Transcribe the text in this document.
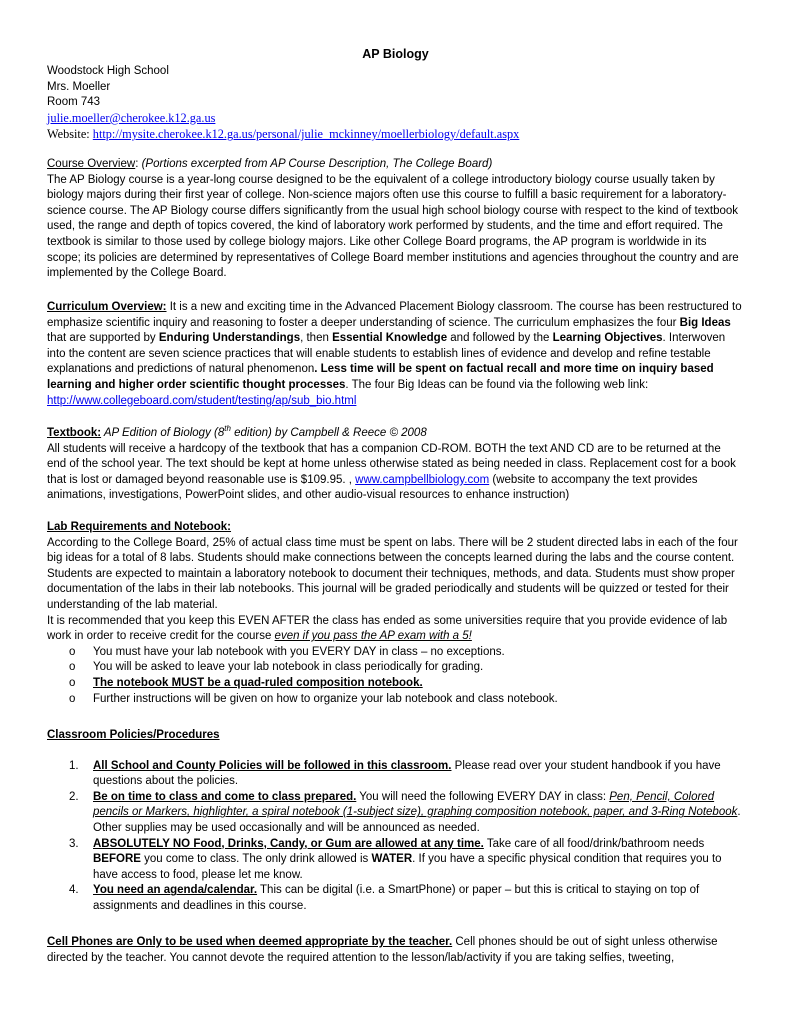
AP Biology
Woodstock High School
Mrs. Moeller
Room 743
julie.moeller@cherokee.k12.ga.us
Website: http://mysite.cherokee.k12.ga.us/personal/julie_mckinney/moellerbiology/default.aspx

Course Overview: (Portions excerpted from AP Course Description, The College Board)

The AP Biology course is a year-long course designed to be the equivalent of a college introductory biology course usually taken by biology majors during their first year of college. Non-science majors often use this course to fulfill a basic requirement for a laboratory-science course. The AP Biology course differs significantly from the usual high school biology course with respect to the kind of textbook used, the range and depth of topics covered, the kind of laboratory work performed by students, and the time and effort required. The textbook is similar to those used by college biology majors. Like other College Board programs, the AP program is worldwide in its scope; its policies are determined by representatives of College Board member institutions and agencies throughout the country and are implemented by the College Board.

Curriculum Overview: It is a new and exciting time in the Advanced Placement Biology classroom. The course has been restructured to emphasize scientific inquiry and reasoning to foster a deeper understanding of science. The curriculum emphasizes the four Big Ideas that are supported by Enduring Understandings, then Essential Knowledge and followed by the Learning Objectives. Interwoven into the content are seven science practices that will enable students to establish lines of evidence and develop and refine testable explanations and predictions of natural phenomenon. Less time will be spent on factual recall and more time on inquiry based learning and higher order scientific thought processes. The four Big Ideas can be found via the following web link:

http://www.collegeboard.com/student/testing/ap/sub_bio.html

Textbook: AP Edition of Biology (8th edition) by Campbell & Reece © 2008

All students will receive a hardcopy of the textbook that has a companion CD-ROM. BOTH the text AND CD are to be returned at the end of the school year. The text should be kept at home unless otherwise stated as being needed in class. Replacement cost for a book that is lost or damaged beyond reasonable use is $109.95. , www.campbellbiology.com (website to accompany the text provides animations, investigations, PowerPoint slides, and other audio-visual resources to enhance instruction)

Lab Requirements and Notebook:

According to the College Board, 25% of actual class time must be spent on labs. There will be 2 student directed labs in each of the four big ideas for a total of 8 labs. Students should make connections between the concepts learned during the labs and the course content. Students are expected to maintain a laboratory notebook to document their techniques, methods, and data. Students must show proper documentation of the labs in their lab notebooks. This journal will be graded periodically and students will be quizzed or tested for their understanding of the lab material.

It is recommended that you keep this EVEN AFTER the class has ended as some universities require that you provide evidence of lab work in order to receive credit for the course even if you pass the AP exam with a 5!

o You must have your lab notebook with you EVERY DAY in class – no exceptions.
o You will be asked to leave your lab notebook in class periodically for grading.
o The notebook MUST be a quad-ruled composition notebook.
o Further instructions will be given on how to organize your lab notebook and class notebook.

Classroom Policies/Procedures

1. All School and County Policies will be followed in this classroom. Please read over your student handbook if you have questions about the policies.
2. Be on time to class and come to class prepared. You will need the following EVERY DAY in class: Pen, Pencil, Colored pencils or Markers, highlighter, a spiral notebook (1-subject size), graphing composition notebook, paper, and 3-Ring Notebook. Other supplies may be used occasionally and will be announced as needed.
3. ABSOLUTELY NO Food, Drinks, Candy, or Gum are allowed at any time. Take care of all food/drink/bathroom needs BEFORE you come to class. The only drink allowed is WATER. If you have a specific physical condition that requires you to have access to food, please let me know.
4. You need an agenda/calendar. This can be digital (i.e. a SmartPhone) or paper – but this is critical to staying on top of assignments and deadlines in this course.

Cell Phones are Only to be used when deemed appropriate by the teacher. Cell phones should be out of sight unless otherwise directed by the teacher. You cannot devote the required attention to the lesson/lab/activity if you are taking selfies, tweeting,
